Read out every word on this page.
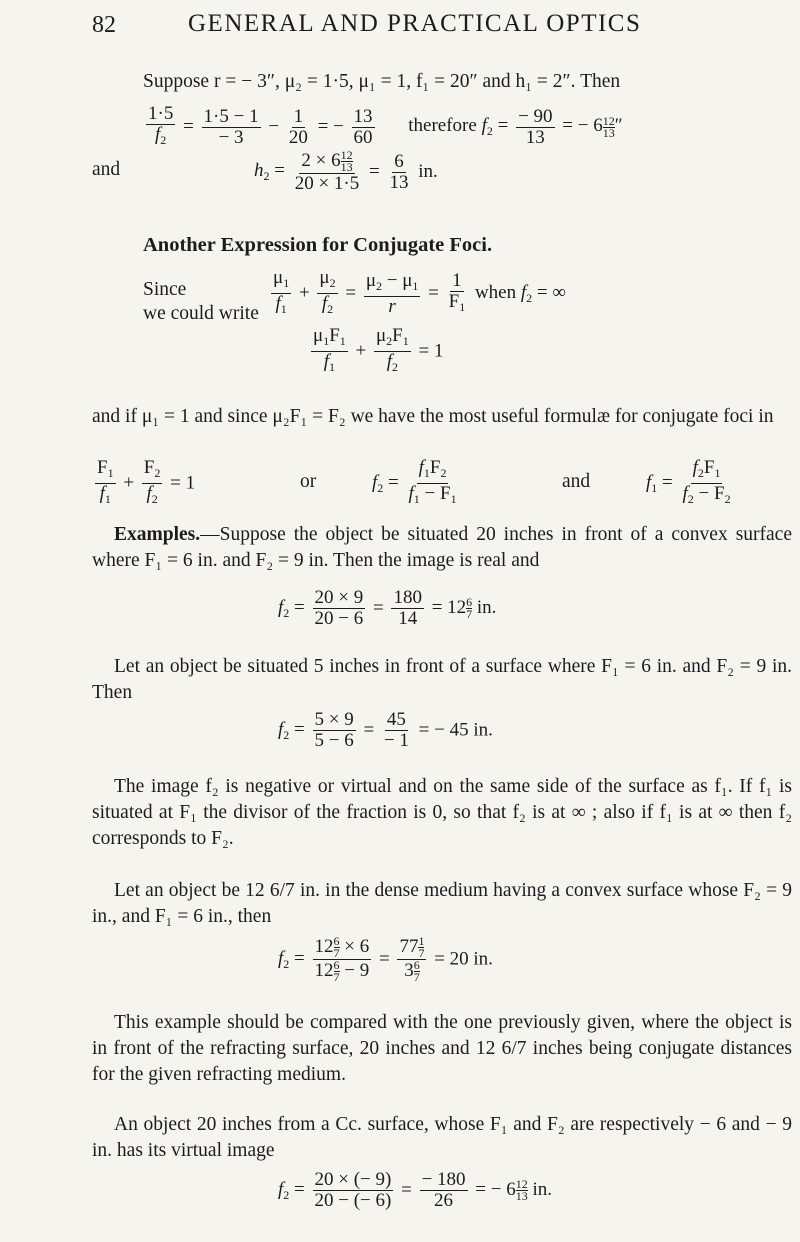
82	GENERAL AND PRACTICAL OPTICS
Suppose r = − 3″, μ₂ = 1·5, μ₁ = 1, f₁ = 20″ and h₁ = 2″. Then
$\frac{1\cdot 5}{f_2} = \frac{1\cdot 5 - 1}{- 3} - \frac{1}{20}$ = − $\frac{13}{60}$ therefore $f_2 = \frac{- 90}{13}$ = − $6 \frac{12}{13}$ ″
and	$h_2 = \frac{2 \times 6 \frac{12}{13}}{20 \times 1\cdot 5} = \frac{6}{13}$ in.
Another Expression for Conjugate Foci.
Since	$\frac{\mu_1}{f_1} + \frac{\mu_2}{f_2} = \frac{\mu_2 - \mu_1}{r} = \frac{1}{F_1}$ when $f_2$ = ∞
we could write
$\frac{\mu_1F_1}{f_1} + \frac{\mu_2F_1}{f_2} = 1$
and if μ₁ = 1 and since μ₂F₁ = F₂ we have the most useful formulæ for conjugate foci in
$\frac{F_1}{f_1} + \frac{F_2}{f_2} = 1$	or	$f_2 = \frac{f_1F_2}{f_1 - F_1}$	and	$f_1 = \frac{f_2F_1}{f_2 - F_2}$
Examples.—Suppose the object be situated 20 inches in front of a convex surface where F₁ = 6 in. and F₂ = 9 in. Then the image is real and
$f_2 = \frac{20 \times 9}{20 - 6} = \frac{180}{14} = 12 \frac{6}{7}$ in.
Let an object be situated 5 inches in front of a surface where F₁ = 6 in. and F₂ = 9 in. Then
$f_2 = \frac{5 \times 9}{5 - 6} = \frac{45}{- 1}$ = − 45 in.
The image f₂ is negative or virtual and on the same side of the surface as f₁. If f₁ is situated at F₁ the divisor of the fraction is 0, so that f₂ is at ∞ ; also if f₁ is at ∞ then f₂ corresponds to F₂.
Let an object be 12 6/7 in. in the dense medium having a convex surface whose F₂ = 9 in., and F₁ = 6 in., then
$f_2 = \frac{12 \frac{6}{7} \times 6}{12 \frac{6}{7} - 9} = \frac{77 \frac{1}{7}}{3 \frac{6}{7}} = 20$ in.
This example should be compared with the one previously given, where the object is in front of the refracting surface, 20 inches and 12 6/7 inches being conjugate distances for the given refracting medium.
An object 20 inches from a Cc. surface, whose F₁ and F₂ are respectively − 6 and − 9 in. has its virtual image
$f_2 = \frac{20 \times (- 9)}{20 - (- 6)} = \frac{- 180}{26}$ = − $6 \frac{12}{13}$ in.
